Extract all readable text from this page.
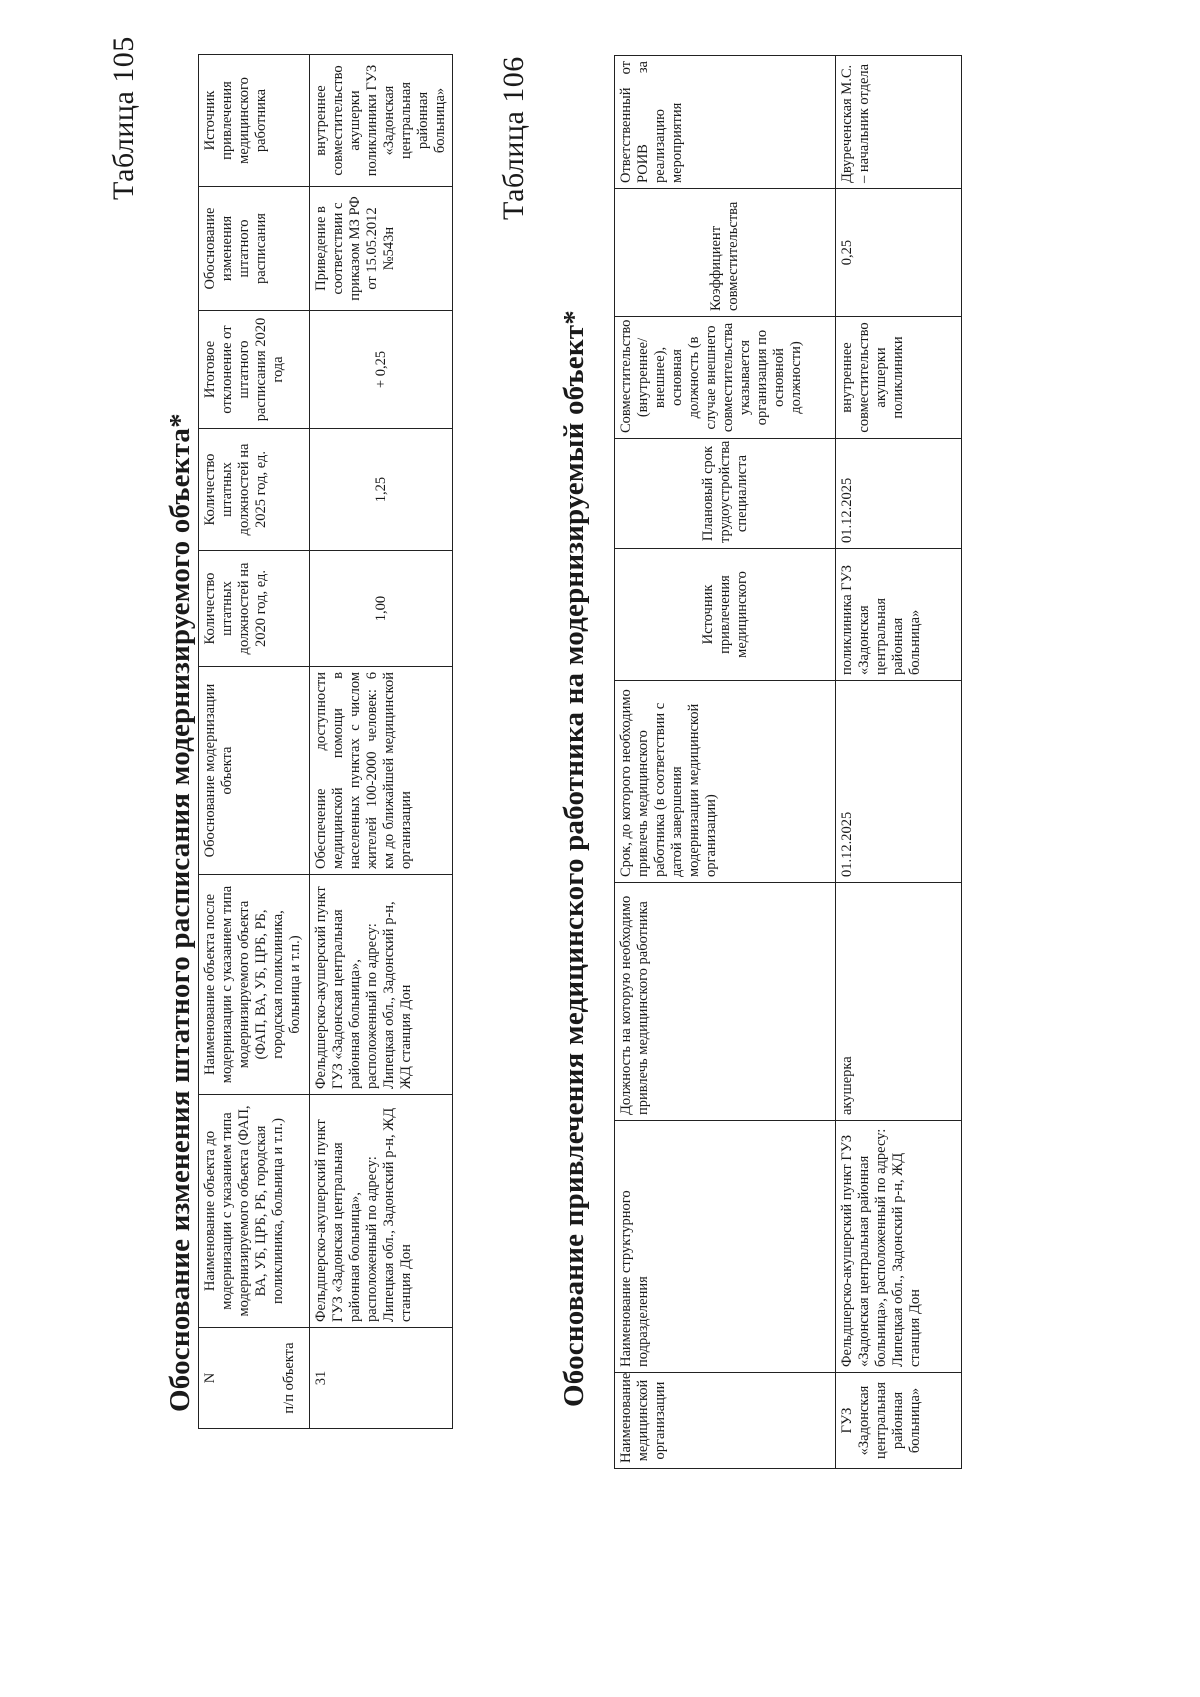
Таблица 105
Обоснование изменения штатного расписания модернизируемого объекта* N п/п объекта	Наименование объекта до модернизации с указанием типа модернизируемого объекта (ФАП, ВА, УБ, ЦРБ, РБ, городская поликлиника, больница и т.п.)	Наименование объекта после модернизации с указанием типа модернизируемого объекта (ФАП, ВА, УБ, ЦРБ, РБ, городская поликлиника, больница и т.п.)	Обоснование модернизации объекта	Количество штатных должностей на 2020 год, ед.	Количество штатных должностей на 2025 год, ед.	Итоговое отклонение от штатного расписания 2020 года	Обоснование изменения штатного расписания	Источник привлечения медицинского работника
31	Фельдшерско-акушерский пункт ГУЗ «Задонская центральная районная больница», расположенный по адресу: Липецкая обл., Задонский р-н, ЖД станция Дон	Фельдшерско-акушерский пункт ГУЗ «Задонская центральная районная больница», расположенный по адресу: Липецкая обл., Задонский р-н, ЖД станция Дон	Обеспечение доступности медицинской помощи в населенных пунктах с числом жителей 100-2000 человек: 6 км до ближайшей медицинской организации	1,00	1,25	+ 0,25	Приведение в соответствии с приказом МЗ РФ от 15.05.2012 №543н	внутреннее совместительство акушерки поликлиники ГУЗ «Задонская центральная районная больница» Таблица 106
Обоснование привлечения медицинского работника на модернизируемый объект*
Наименование медицинской организации	Наименование структурного подразделения	Должность на которую необходимо привлечь медицинского работника	Срок, до которого необходимо привлечь медицинского работника (в соответствии с датой завершения модернизации медицинской организации)	Источник привлечения медицинского	Плановый срок трудоустройства специалиста	Совместительство (внутреннее/внешнее), основная должность (в случае внешнего совместительства указывается организация по основной должности)	Коэффициент совместительства	Ответственный от РОИВ за реализацию мероприятия
ГУЗ «Задонская центральная районная больница»	Фельдшерско-акушерский пункт ГУЗ «Задонская центральная районная больница», расположенный по адресу: Липецкая обл., Задонский р-н, ЖД станция Дон	акушерка	01.12.2025	поликлиника ГУЗ «Задонская центральная районная больница»	01.12.2025	внутреннее совместительство акушерки поликлиники	0,25	Двуреченская М.С. – начальник отдела
